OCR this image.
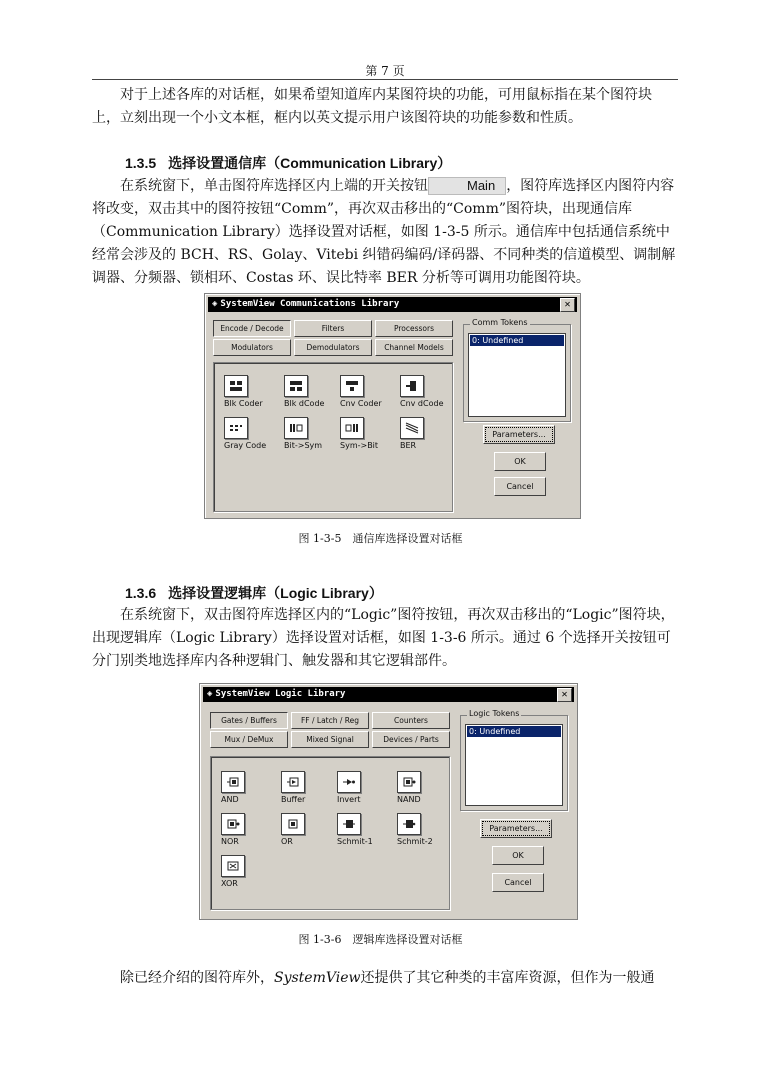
第 7 页

对于上述各库的对话框，如果希望知道库内某图符块的功能，可用鼠标指在某个图符块上，立刻出现一个小文本框，框内以英文提示用户该图符块的功能参数和性质。

1.3.5 选择设置通信库（Communication Library）

在系统窗下，单击图符库选择区内上端的开关按钮	Main ，图符库选择区内图符内容将改变，双击其中的图符按钮“Comm”，再次双击移出的“Comm”图符块，出现通信库（Communication Library）选择设置对话框，如图 1-3-5 所示。通信库中包括通信系统中经常会涉及的 BCH、RS、Golay、Vitebi 纠错码编码/译码器、不同种类的信道模型、调制解调器、分频器、锁相环、Costas 环、误比特率 BER 分析等可调用功能图符块。

◈ SystemView Communications Library	✕
Encode / Decode	Filters	Processors
Modulators	Demodulators	Channel Models
Blk Coder	Blk dCode	Cnv Coder	Cnv dCode
Gray Code	Bit->Sym	Sym->Bit	BER
Comm Tokens
0: Undefined
Parameters...
OK
Cancel
图 1-3-5　通信库选择设置对话框
1.3.6 选择设置逻辑库（Logic Library）

在系统窗下，双击图符库选择区内的“Logic”图符按钮，再次双击移出的“Logic”图符块，出现逻辑库（Logic Library）选择设置对话框，如图 1-3-6 所示。通过 6 个选择开关按钮可分门别类地选择库内各种逻辑门、触发器和其它逻辑部件。

◈ SystemView Logic Library	✕
Gates / Buffers	FF / Latch / Reg	Counters
Mux / DeMux	Mixed Signal	Devices / Parts
AND	Buffer	Invert	NAND
NOR	OR	Schmit-1	Schmit-2
XOR
Logic Tokens
0: Undefined
Parameters...
OK
Cancel
图 1-3-6　逻辑库选择设置对话框

除已经介绍的图符库外，SystemView还提供了其它种类的丰富库资源，但作为一般通
